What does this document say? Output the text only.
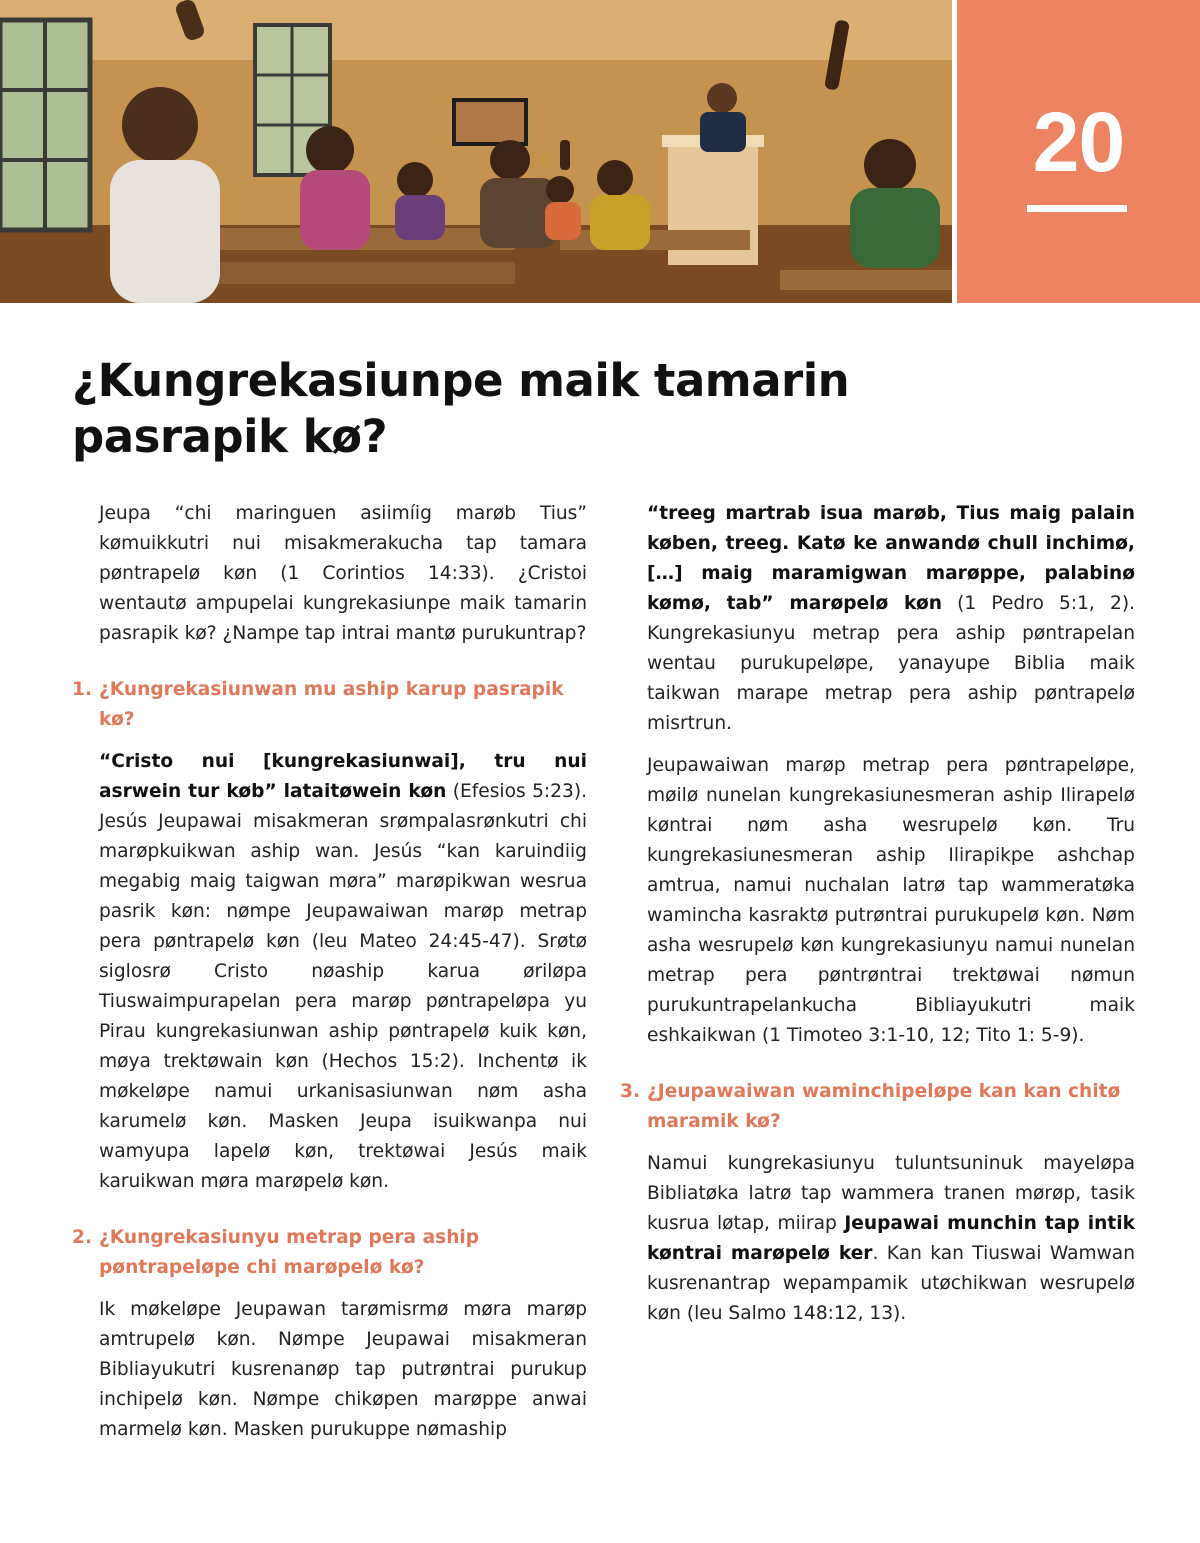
20
¿Kungrekasiunpe maik tamarin pasrapik kø?

Jeupa “chi maringuen asiimíig marøb Tius” kømuikkutri nui misakmerakucha tap tamara pøntrapelø køn (1 Corintios 14:33). ¿Cristoi wentautø ampupelai kungrekasiunpe maik tamarin pasrapik kø? ¿Nampe tap intrai mantø purukuntrap?

1. ¿Kungrekasiunwan mu aship karup pasrapik kø?

“Cristo nui [kungrekasiunwai], tru nui asrwein tur køb” lataitøwein køn (Efesios 5:23). Jesús Jeupawai misakmeran srømpalasrønkutri chi marøpkuikwan aship wan. Jesús “kan karuindiig megabig maig taigwan møra” marøpikwan wesrua pasrik køn: nømpe Jeupawaiwan marøp metrap pera pøntrapelø køn (leu Mateo 24:45-47). Srøtø siglosrø Cristo nøaship karua øriløpa Tiuswaimpurapelan pera marøp pøntrapeløpa yu Pirau kungrekasiunwan aship pøntrapelø kuik køn, møya trektøwain køn (Hechos 15:2). Inchentø ik møkeløpe namui urkanisasiunwan nøm asha karumelø køn. Masken Jeupa isuikwanpa nui wamyupa lapelø køn, trektøwai Jesús maik karuikwan møra marøpelø køn.

2. ¿Kungrekasiunyu metrap pera aship pøntrapeløpe chi marøpelø kø?

Ik møkeløpe Jeupawan tarømisrmø møra marøp amtrupelø køn. Nømpe Jeupawai misakmeran Bibliayukutri kusrenanøp tap putrøntrai purukup inchipelø køn. Nømpe chikøpen marøppe anwai marmelø køn. Masken purukuppe nømaship

“treeg martrab isua marøb, Tius maig palain køben, treeg. Katø ke anwandø chull inchimø, […] maig maramigwan marøppe, palabinø kømø, tab” marøpelø køn (1 Pedro 5:1, 2). Kungrekasiunyu metrap pera aship pøntrapelan wentau purukupeløpe, yanayupe Biblia maik taikwan marape metrap pera aship pøntrapelø misrtrun.

Jeupawaiwan marøp metrap pera pøntrapeløpe, møilø nunelan kungrekasiunesmeran aship Ilirapelø køntrai nøm asha wesrupelø køn. Tru kungrekasiunesmeran aship Ilirapikpe ashchap amtrua, namui nuchalan latrø tap wammeratøka wamincha kasraktø putrøntrai purukupelø køn. Nøm asha wesrupelø køn kungrekasiunyu namui nunelan metrap pera pøntrøntrai trektøwai nømun purukuntrapelankucha Bibliayukutri maik eshkaikwan (1 Timoteo 3:1-10, 12; Tito 1: 5-9).

3. ¿Jeupawaiwan waminchipeløpe kan kan chitø maramik kø?

Namui kungrekasiunyu tuluntsuninuk mayeløpa Bibliatøka latrø tap wammera tranen mørøp, tasik kusrua løtap, miirap Jeupawai munchin tap intik køntrai marøpelø ker. Kan kan Tiuswai Wamwan kusrenantrap wepampamik utøchikwan wesrupelø køn (leu Salmo 148:12, 13).
